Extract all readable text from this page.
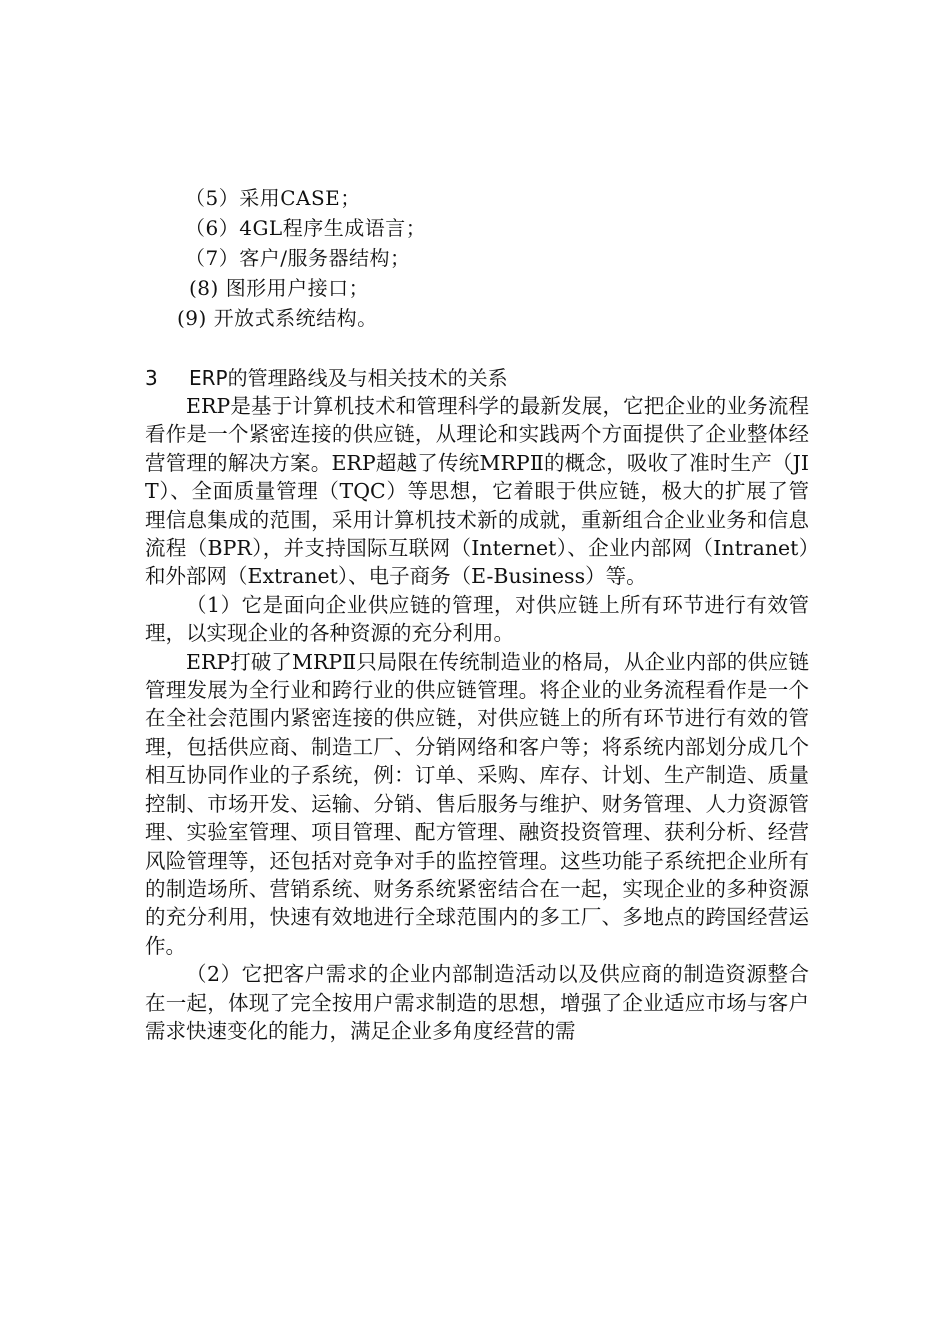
（5）采用CASE；
（6）4GL程序生成语言；
（7）客户/服务器结构；
(8) 图形用户接口；
(9) 开放式系统结构。
3 ERP的管理路线及与相关技术的关系

ERP是基于计算机技术和管理科学的最新发展，它把企业的业务流程看作是一个紧密连接的供应链，从理论和实践两个方面提供了企业整体经营管理的解决方案。ERP超越了传统MRPⅡ的概念，吸收了准时生产（JIT）、全面质量管理（TQC）等思想，它着眼于供应链，极大的扩展了管理信息集成的范围，采用计算机技术新的成就，重新组合企业业务和信息流程（BPR），并支持国际互联网（Internet）、企业内部网（Intranet）和外部网（Extranet）、电子商务（E-Business）等。

（1）它是面向企业供应链的管理，对供应链上所有环节进行有效管理，以实现企业的各种资源的充分利用。

ERP打破了MRPⅡ只局限在传统制造业的格局，从企业内部的供应链管理发展为全行业和跨行业的供应链管理。将企业的业务流程看作是一个在全社会范围内紧密连接的供应链，对供应链上的所有环节进行有效的管理，包括供应商、制造工厂、分销网络和客户等；将系统内部划分成几个相互协同作业的子系统，例：订单、采购、库存、计划、生产制造、质量控制、市场开发、运输、分销、售后服务与维护、财务管理、人力资源管理、实验室管理、项目管理、配方管理、融资投资管理、获利分析、经营风险管理等，还包括对竞争对手的监控管理。这些功能子系统把企业所有的制造场所、营销系统、财务系统紧密结合在一起，实现企业的多种资源的充分利用，快速有效地进行全球范围内的多工厂、多地点的跨国经营运作。

（2）它把客户需求的企业内部制造活动以及供应商的制造资源整合在一起，体现了完全按用户需求制造的思想，增强了企业适应市场与客户需求快速变化的能力，满足企业多角度经营的需
